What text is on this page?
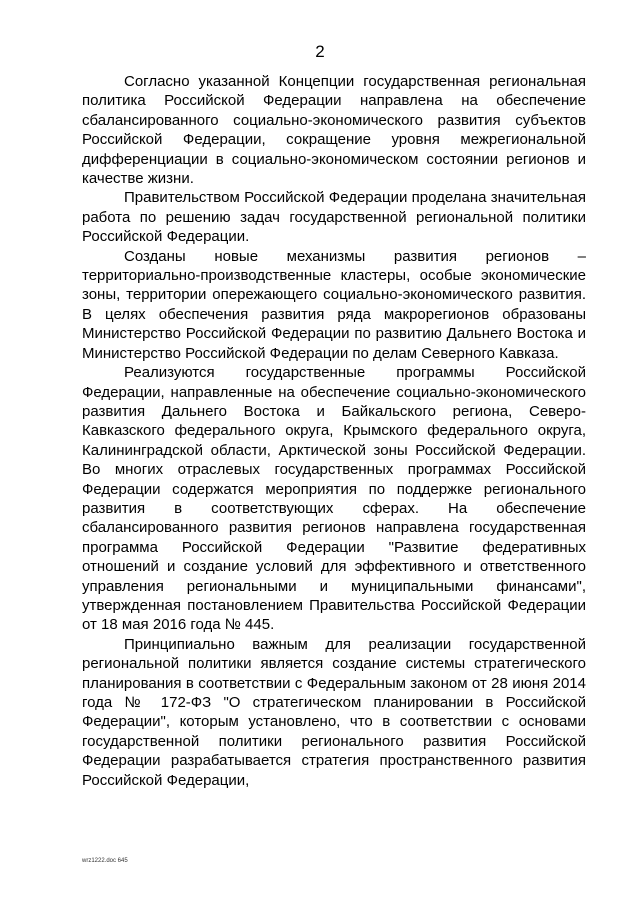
2

Согласно указанной Концепции государственная региональная политика Российской Федерации направлена на обеспечение сбалансированного социально-экономического развития субъектов Российской Федерации, сокращение уровня межрегиональной дифференциации в социально-экономическом состоянии регионов и качестве жизни.

Правительством Российской Федерации проделана значительная работа по решению задач государственной региональной политики Российской Федерации.

Созданы новые механизмы развития регионов – территориально-производственные кластеры, особые экономические зоны, территории опережающего социально-экономического развития. В целях обеспечения развития ряда макрорегионов образованы Министерство Российской Федерации по развитию Дальнего Востока и Министерство Российской Федерации по делам Северного Кавказа.

Реализуются государственные программы Российской Федерации, направленные на обеспечение социально-экономического развития Дальнего Востока и Байкальского региона, Северо-Кавказского федерального округа, Крымского федерального округа, Калининградской области, Арктической зоны Российской Федерации. Во многих отраслевых государственных программах Российской Федерации содержатся мероприятия по поддержке регионального развития в соответствующих сферах. На обеспечение сбалансированного развития регионов направлена государственная программа Российской Федерации "Развитие федеративных отношений и создание условий для эффективного и ответственного управления региональными и муниципальными финансами", утвержденная постановлением Правительства Российской Федерации от 18 мая 2016 года № 445.

Принципиально важным для реализации государственной региональной политики является создание системы стратегического планирования в соответствии с Федеральным законом от 28 июня 2014 года № 172-ФЗ "О стратегическом планировании в Российской Федерации", которым установлено, что в соответствии с основами государственной политики регионального развития Российской Федерации разрабатывается стратегия пространственного развития Российской Федерации,

wrz1222.doc 645
